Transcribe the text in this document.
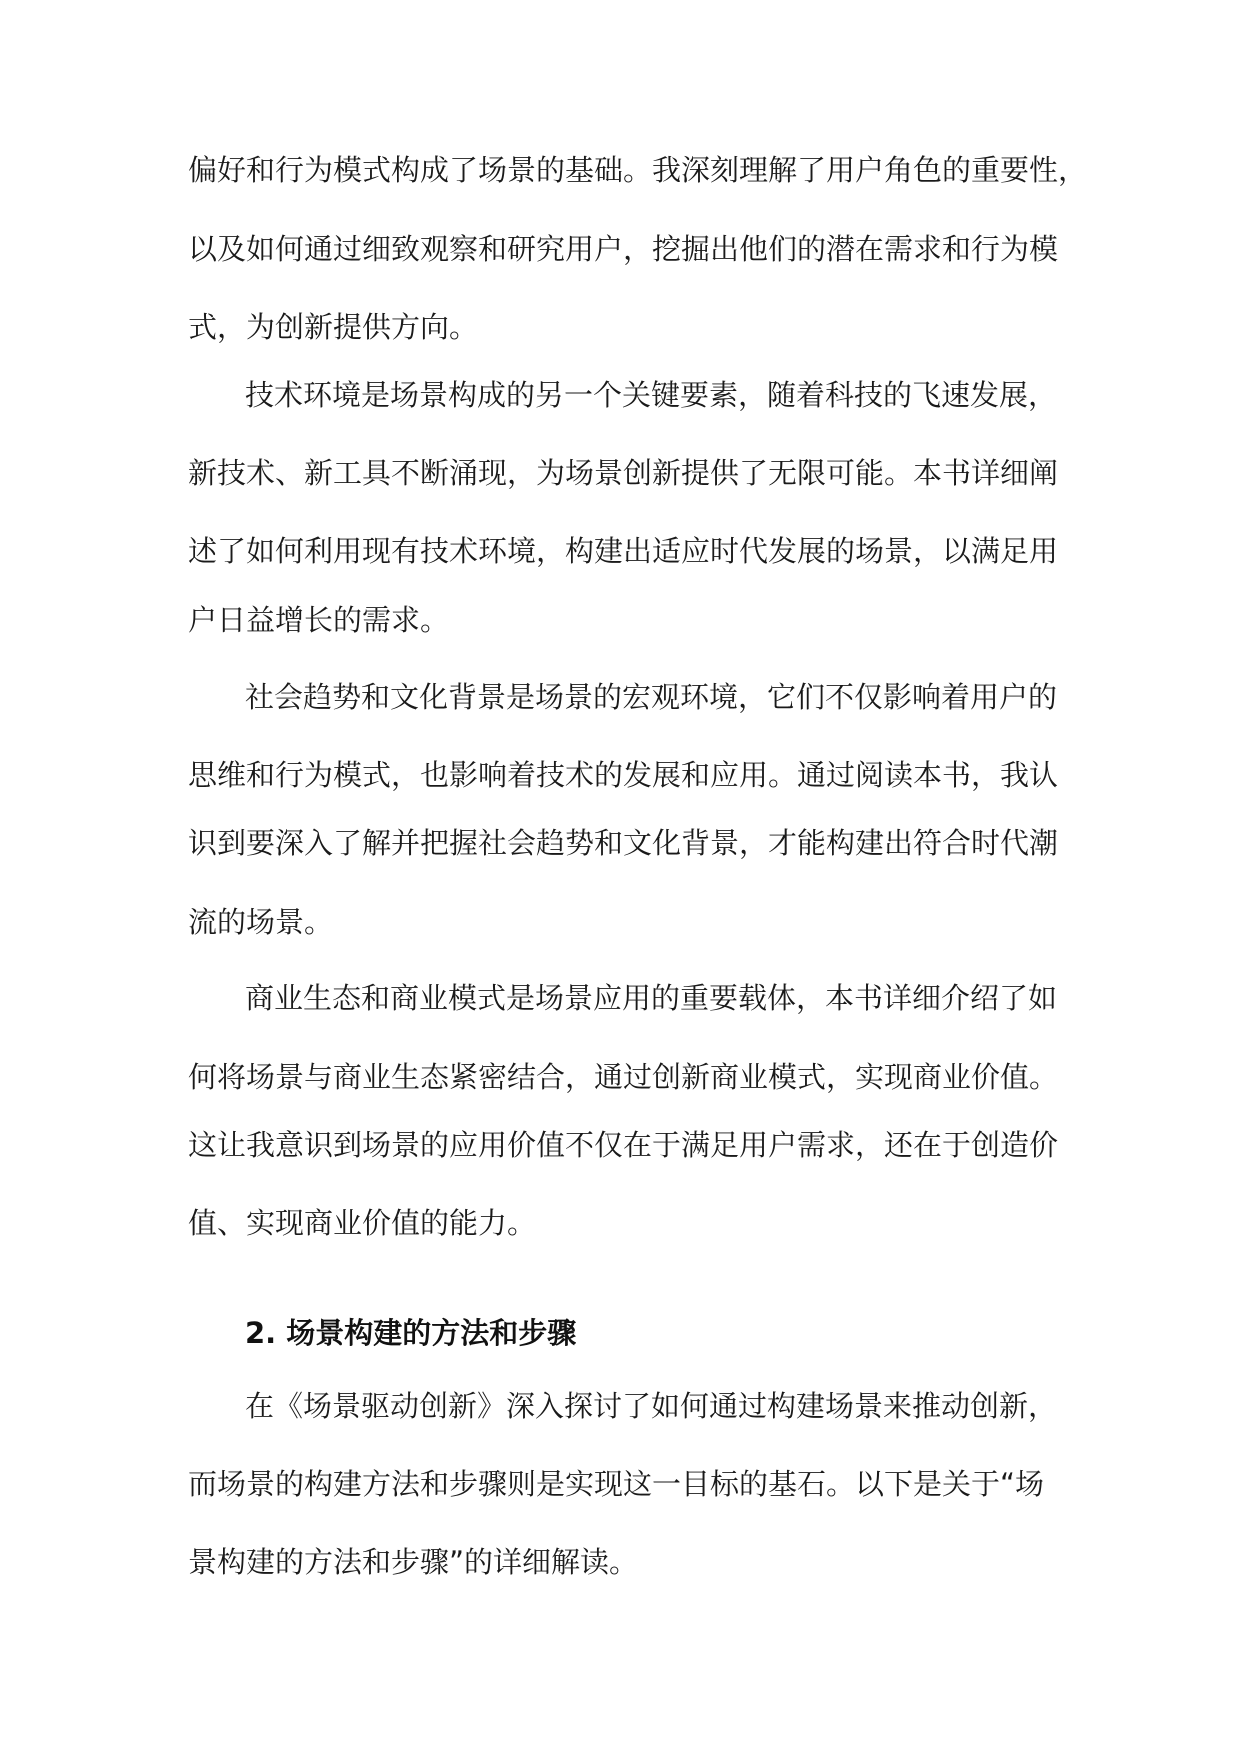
偏好和行为模式构成了场景的基础。我深刻理解了用户角色的重要性，

以及如何通过细致观察和研究用户，挖掘出他们的潜在需求和行为模

式，为创新提供方向。

技术环境是场景构成的另一个关键要素，随着科技的飞速发展，

新技术、新工具不断涌现，为场景创新提供了无限可能。本书详细阐

述了如何利用现有技术环境，构建出适应时代发展的场景，以满足用

户日益增长的需求。

社会趋势和文化背景是场景的宏观环境，它们不仅影响着用户的

思维和行为模式，也影响着技术的发展和应用。通过阅读本书，我认

识到要深入了解并把握社会趋势和文化背景，才能构建出符合时代潮

流的场景。

商业生态和商业模式是场景应用的重要载体，本书详细介绍了如

何将场景与商业生态紧密结合，通过创新商业模式，实现商业价值。

这让我意识到场景的应用价值不仅在于满足用户需求，还在于创造价

值、实现商业价值的能力。

2. 场景构建的方法和步骤

在《场景驱动创新》深入探讨了如何通过构建场景来推动创新，

而场景的构建方法和步骤则是实现这一目标的基石。以下是关于“场

景构建的方法和步骤”的详细解读。
